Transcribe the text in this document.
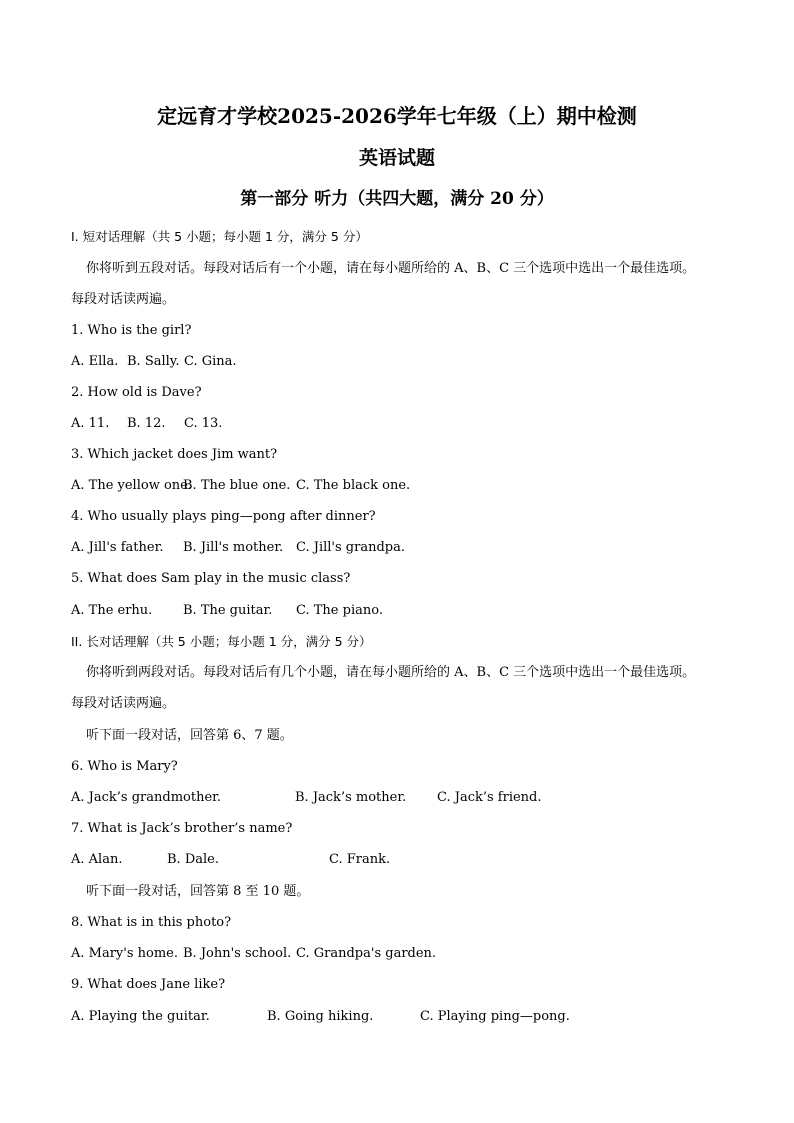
定远育才学校2025-2026学年七年级（上）期中检测
英语试题
第一部分 听力（共四大题，满分 20 分）
I. 短对话理解（共 5 小题；每小题 1 分，满分 5 分）
你将听到五段对话。每段对话后有一个小题，请在每小题所给的 A、B、C 三个选项中选出一个最佳选项。
每段对话读两遍。
1. Who is the girl?
A. Ella. B. Sally. C. Gina.
2. How old is Dave?
A. 11. B. 12. C. 13.
3. Which jacket does Jim want?
A. The yellow one.
B. The blue one. C. The black one.
4. Who usually plays ping—pong after dinner?
A. Jill's father. B. Jill's mother. C. Jill's grandpa.
5. What does Sam play in the music class?
A. The erhu. B. The guitar. C. The piano.
II. 长对话理解（共 5 小题；每小题 1 分，满分 5 分）
你将听到两段对话。每段对话后有几个小题，请在每小题所给的 A、B、C 三个选项中选出一个最佳选项。
每段对话读两遍。
听下面一段对话，回答第 6、7 题。
6. Who is Mary?
A. Jack’s grandmother.	B. Jack’s mother. C. Jack’s friend.
7. What is Jack’s brother’s name?
A. Alan.	B. Dale.	C. Frank.
听下面一段对话，回答第 8 至 10 题。
8. What is in this photo?
A. Mary's home. B. John's school. C. Grandpa's garden.
9. What does Jane like?
A. Playing the guitar.	B. Going hiking.	C. Playing ping—pong.
